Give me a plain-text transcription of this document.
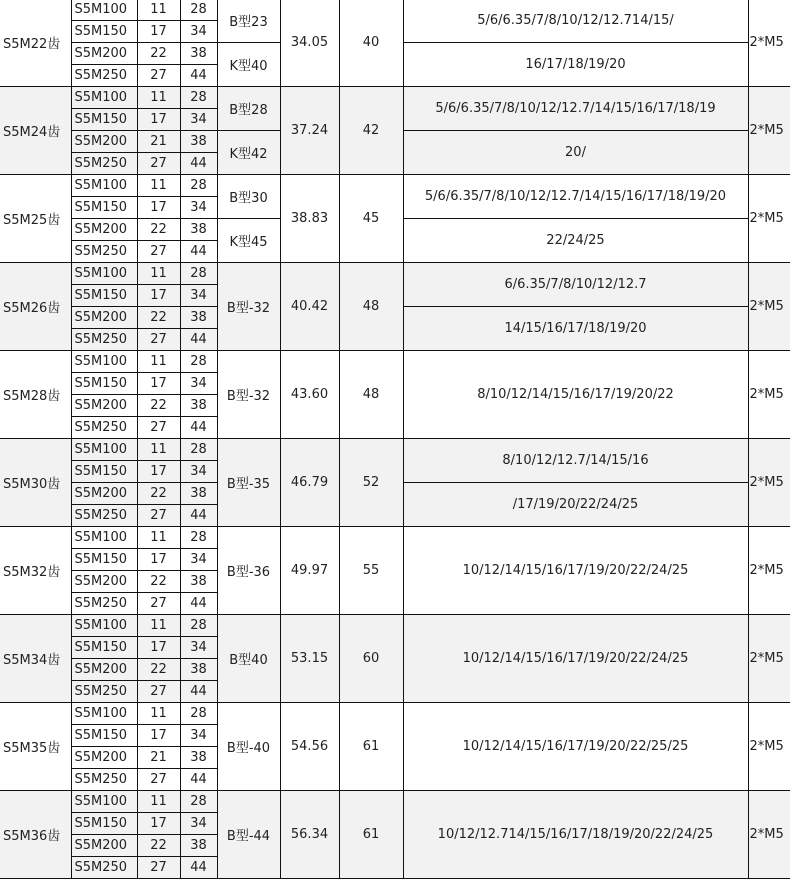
S5M22齿	S5M100	11	28	B型23	34.05	40	5/6/6.35/7/8/10/12/12.714/15/	2*M5
	S5M150	17	34					
	S5M200	22	38	K型40			16/17/18/19/20	
	S5M250	27	44					
S5M24齿	S5M100	11	28	B型28	37.24	42	5/6/6.35/7/8/10/12/12.7/14/15/16/17/18/19	2*M5
	S5M150	17	34					
	S5M200	21	38	K型42			20/	
	S5M250	27	44					
S5M25齿	S5M100	11	28	B型30	38.83	45	5/6/6.35/7/8/10/12/12.7/14/15/16/17/18/19/20	2*M5
	S5M150	17	34					
	S5M200	22	38	K型45			22/24/25	
	S5M250	27	44					
S5M26齿	S5M100	11	28	B型-32	40.42	48	6/6.35/7/8/10/12/12.7	2*M5
	S5M150	17	34					
	S5M200	22	38				14/15/16/17/18/19/20	
	S5M250	27	44					
S5M28齿	S5M100	11	28	B型-32	43.60	48	8/10/12/14/15/16/17/19/20/22	2*M5
	S5M150	17	34					
	S5M200	22	38					
	S5M250	27	44					
S5M30齿	S5M100	11	28	B型-35	46.79	52	8/10/12/12.7/14/15/16	2*M5
	S5M150	17	34					
	S5M200	22	38				/17/19/20/22/24/25	
	S5M250	27	44					
S5M32齿	S5M100	11	28	B型-36	49.97	55	10/12/14/15/16/17/19/20/22/24/25	2*M5
	S5M150	17	34					
	S5M200	22	38					
	S5M250	27	44					
S5M34齿	S5M100	11	28	B型40	53.15	60	10/12/14/15/16/17/19/20/22/24/25	2*M5
	S5M150	17	34					
	S5M200	22	38					
	S5M250	27	44					
S5M35齿	S5M100	11	28	B型-40	54.56	61	10/12/14/15/16/17/19/20/22/25/25	2*M5
	S5M150	17	34					
	S5M200	21	38					
	S5M250	27	44					
S5M36齿	S5M100	11	28	B型-44	56.34	61	10/12/12.714/15/16/17/18/19/20/22/24/25	2*M5
	S5M150	17	34					
	S5M200	22	38					
	S5M250	27	44					
